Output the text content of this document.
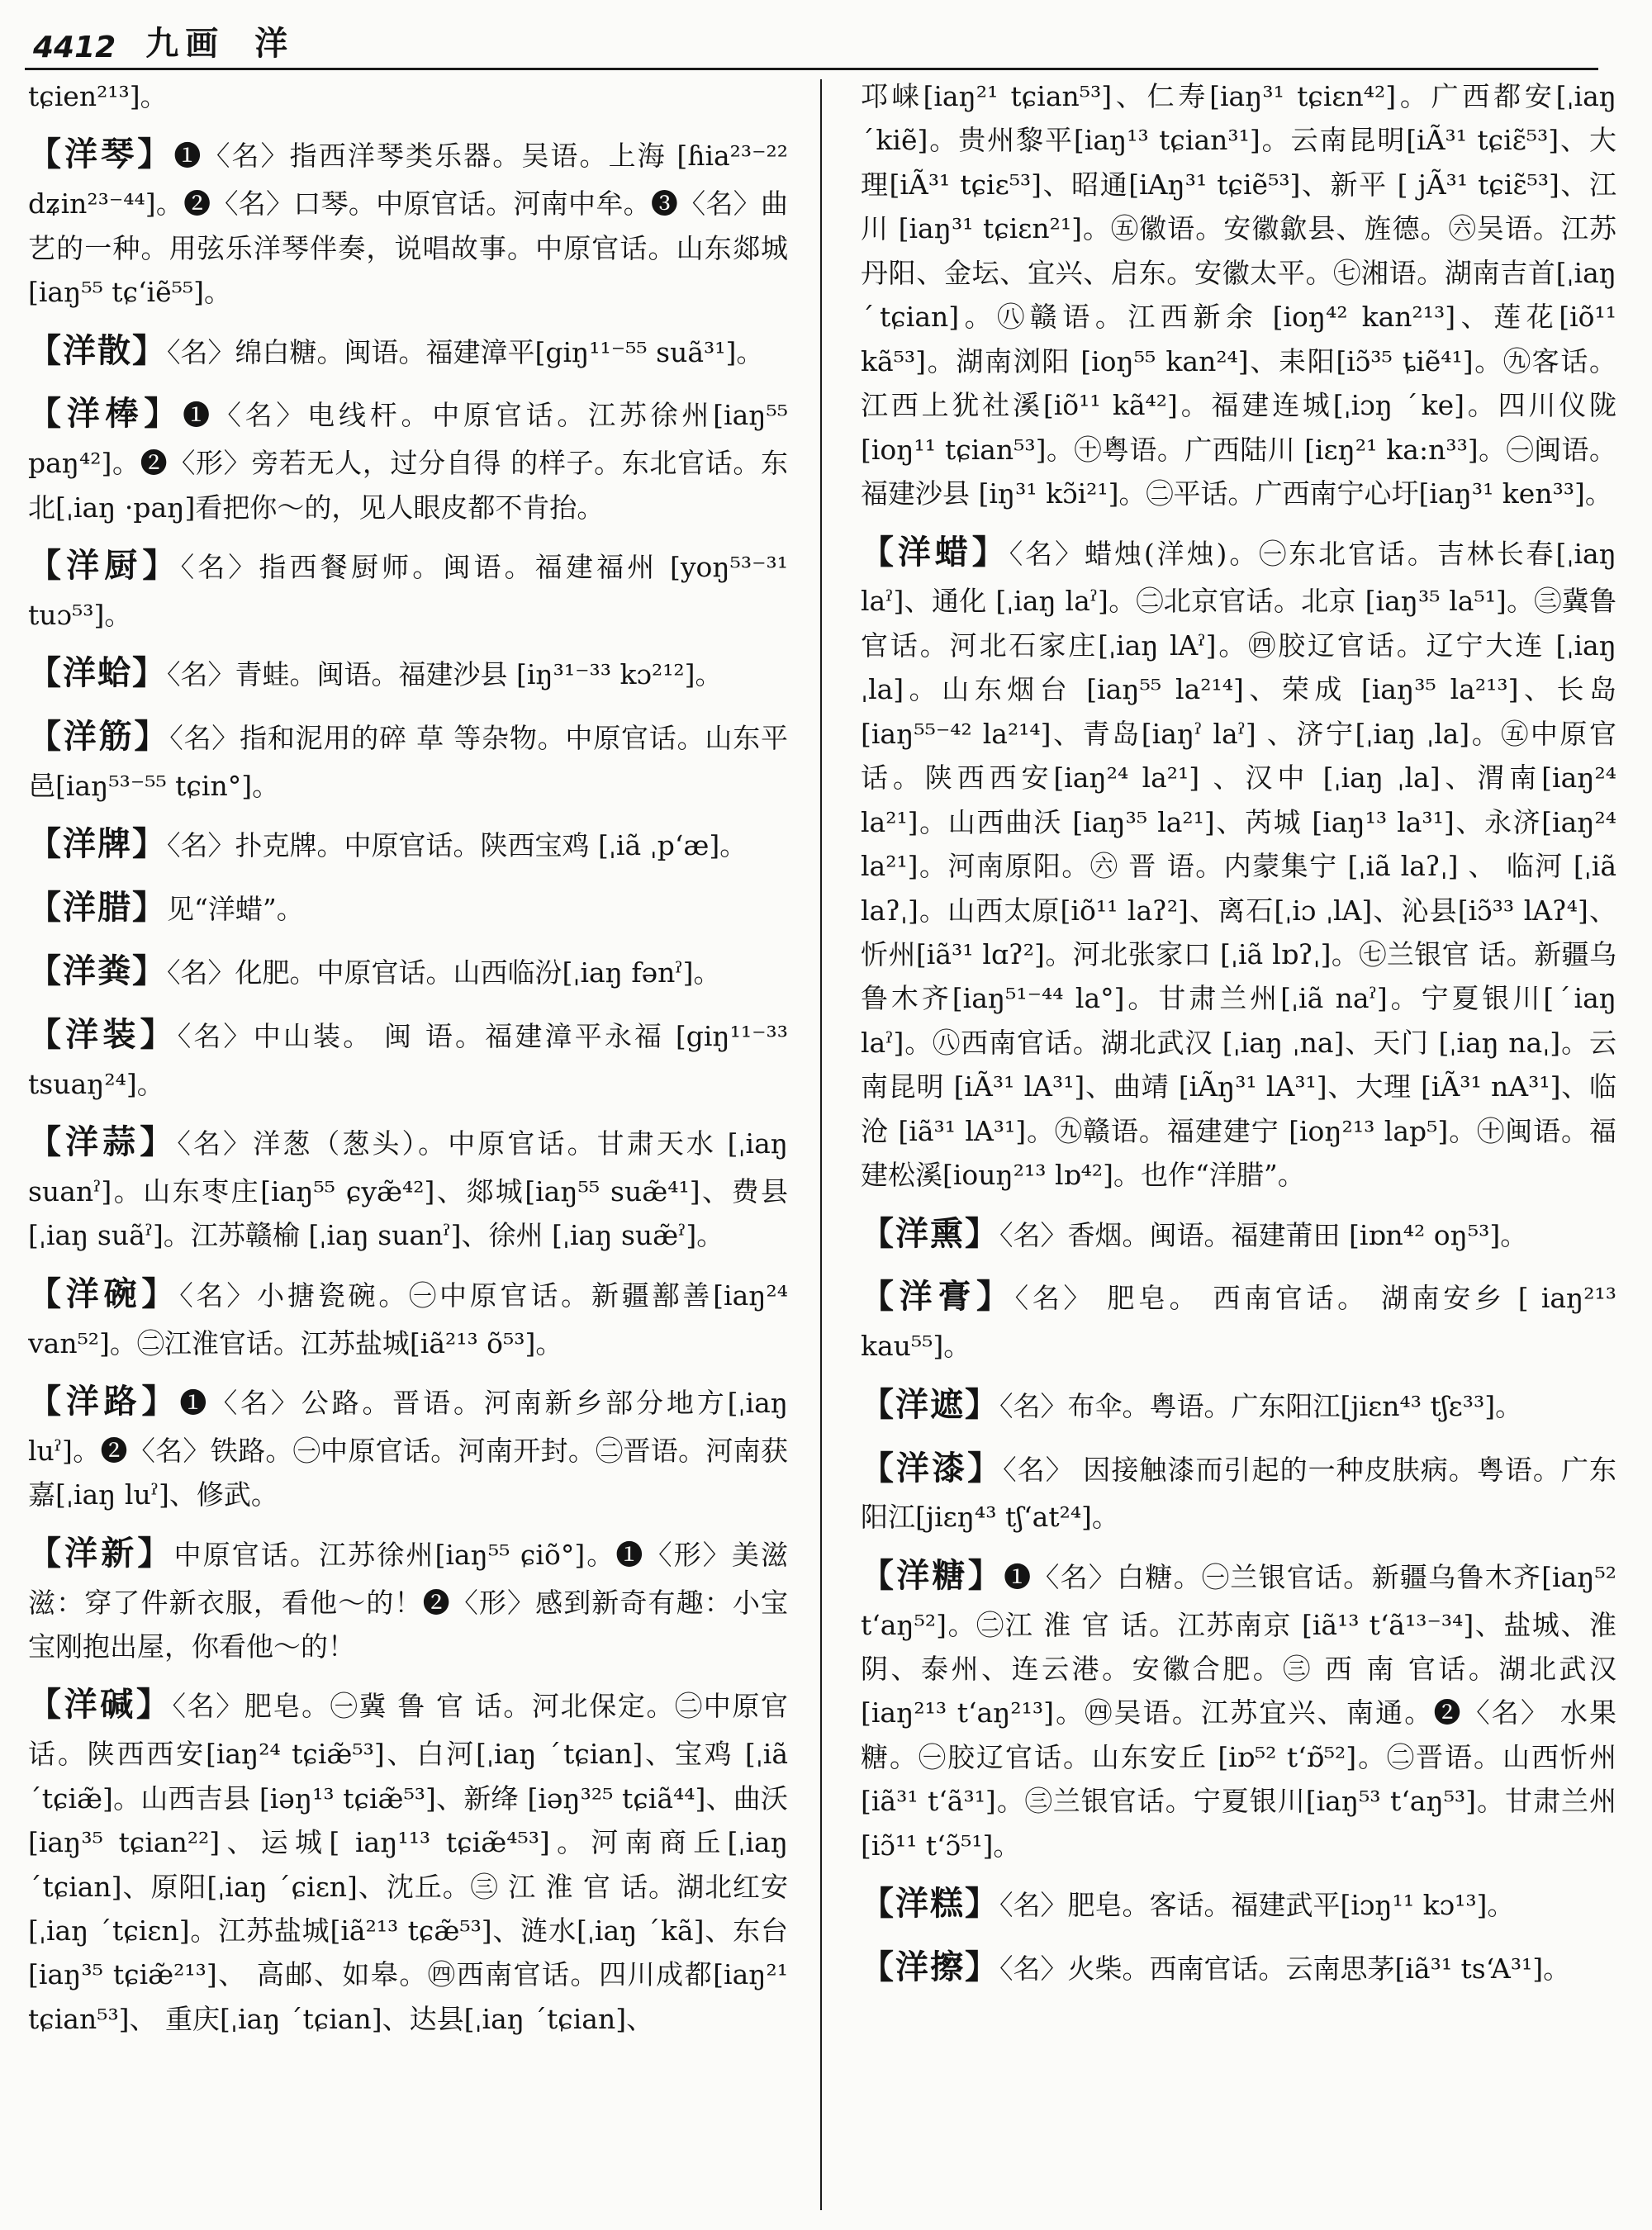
4412 九画 洋
tɕien²¹³]。

【洋琴】❶〈名〉指西洋琴类乐器。吴语。上海 [ɦia²³⁻²² dʑin²³⁻⁴⁴]。❷〈名〉口琴。中原官话。河南中牟。❸〈名〉曲艺的一种。用弦乐洋琴伴奏，说唱故事。中原官话。山东郯城[iaŋ⁵⁵ tɕʻiẽ⁵⁵]。

【洋散】〈名〉绵白糖。闽语。福建漳平[giŋ¹¹⁻⁵⁵ suã³¹]。

【洋棒】❶〈名〉电线杆。中原官话。江苏徐州[iaŋ⁵⁵ paŋ⁴²]。❷〈形〉旁若无人，过分自得 的样子。东北官话。东北[ˌiaŋ ·paŋ]看把你～的，见人眼皮都不肯抬。

【洋厨】〈名〉指西餐厨师。闽语。福建福州 [yoŋ⁵³⁻³¹ tuɔ⁵³]。

【洋蛤】〈名〉青蛙。闽语。福建沙县 [iŋ³¹⁻³³ kɔ²¹²]。

【洋筋】〈名〉指和泥用的碎 草 等杂物。中原官话。山东平邑[iaŋ⁵³⁻⁵⁵ tɕin°]。

【洋牌】〈名〉扑克牌。中原官话。陕西宝鸡 [ˌiã ˌpʻæ]。

【洋腊】见“洋蜡”。

【洋粪】〈名〉化肥。中原官话。山西临汾[ˌiaŋ fənˀ]。

【洋装】〈名〉中山装。 闽 语。福建漳平永福 [giŋ¹¹⁻³³ tsuaŋ²⁴]。

【洋蒜】〈名〉洋葱（葱头）。中原官话。甘肃天水 [ˌiaŋ suanˀ]。山东枣庄[iaŋ⁵⁵ ɕyæ̃⁴²]、郯城[iaŋ⁵⁵ suæ̃⁴¹]、费县 [ˌiaŋ suãˀ]。江苏赣榆 [ˌiaŋ suanˀ]、徐州 [ˌiaŋ suæ̃ˀ]。

【洋碗】〈名〉小搪瓷碗。㊀中原官话。新疆鄯善[iaŋ²⁴ van⁵²]。㊁江淮官话。江苏盐城[iã²¹³ õ⁵³]。

【洋路】❶〈名〉公路。晋语。河南新乡部分地方[ˌiaŋ luˀ]。❷〈名〉铁路。㊀中原官话。河南开封。㊁晋语。河南获嘉[ˌiaŋ luˀ]、修武。

【洋新】中原官话。江苏徐州[iaŋ⁵⁵ ɕiõ°]。❶〈形〉美滋滋：穿了件新衣服，看他～的！❷〈形〉感到新奇有趣：小宝宝刚抱出屋，你看他～的！

【洋碱】〈名〉肥皂。㊀冀 鲁 官 话。河北保定。㊁中原官话。陕西西安[iaŋ²⁴ tɕiæ̃⁵³]、白河[ˌiaŋ ˊtɕian]、宝鸡 [ˌiã ˊtɕiæ̃]。山西吉县 [iəŋ¹³ tɕiæ̃⁵³]、新绛 [iəŋ³²⁵ tɕiã⁴⁴]、曲沃[iaŋ³⁵ tɕian²²]、运城[ iaŋ¹¹³ tɕiæ̃⁴⁵³]。河南商丘[ˌiaŋ ˊtɕian]、原阳[ˌiaŋ ˊɕiɛn]、沈丘。㊂ 江 淮 官 话。湖北红安 [ˌiaŋ ˊtɕiɛn]。江苏盐城[iã²¹³ tɕæ̃⁵³]、涟水[ˌiaŋ ˊkã]、东台[iaŋ³⁵ tɕiæ̃²¹³]、 高邮、如皋。㊃西南官话。四川成都[iaŋ²¹ tɕian⁵³]、 重庆[ˌiaŋ ˊtɕian]、达县[ˌiaŋ ˊtɕian]、

邛崃[iaŋ²¹ tɕian⁵³]、仁寿[iaŋ³¹ tɕiɛn⁴²]。广西都安[ˌiaŋ ˊkiẽ]。贵州黎平[iaŋ¹³ tɕian³¹]。云南昆明[iÃ³¹ tɕiɛ̃⁵³]、大理[iÃ³¹ tɕiɛ⁵³]、昭通[iAŋ³¹ tɕiẽ⁵³]、新平 [ jÃ³¹ tɕiɛ̃⁵³]、江川 [iaŋ³¹ tɕiɛn²¹]。㊄徽语。安徽歙县、旌德。㊅吴语。江苏丹阳、金坛、宜兴、启东。安徽太平。㊆湘语。湖南吉首[ˌiaŋ ˊtɕian]。㊇赣语。江西新余 [ioŋ⁴² kan²¹³]、莲花[iõ¹¹ kã⁵³]。湖南浏阳 [ioŋ⁵⁵ kan²⁴]、耒阳[iɔ̃³⁵ ȶiẽ⁴¹]。㊈客话。江西上犹社溪[iõ¹¹ kã⁴²]。福建连城[ˌiɔŋ ˊke]。四川仪陇[ioŋ¹¹ tɕian⁵³]。㊉粤语。广西陆川 [iɛŋ²¹ ka:n³³]。㊀闽语。福建沙县 [iŋ³¹ kɔ̃i²¹]。㊁平话。广西南宁心圩[iaŋ³¹ ken³³]。

【洋蜡】〈名〉蜡烛(洋烛)。㊀东北官话。吉林长春[ˌiaŋ laˀ]、通化 [ˌiaŋ laˀ]。㊁北京官话。北京 [iaŋ³⁵ la⁵¹]。㊂冀鲁官话。河北石家庄[ˌiaŋ lAˀ]。㊃胶辽官话。辽宁大连 [ˌiaŋ ˌla]。山东烟台 [iaŋ⁵⁵ la²¹⁴]、荣成 [iaŋ³⁵ la²¹³]、长岛[iaŋ⁵⁵⁻⁴² la²¹⁴]、青岛[iaŋˀ laˀ] 、济宁[ˌiaŋ ˌla]。㊄中原官话。陕西西安[iaŋ²⁴ la²¹] 、汉中 [ˌiaŋ ˌla]、渭南[iaŋ²⁴ la²¹]。山西曲沃 [iaŋ³⁵ la²¹]、芮城 [iaŋ¹³ la³¹]、永济[iaŋ²⁴ la²¹]。河南原阳。㊅ 晋 语。内蒙集宁 [ˌiã laʔˌ] 、 临河 [ˌiã laʔˌ]。山西太原[iõ¹¹ laʔ²]、离石[ˌiɔ ˌlA]、沁县[iɔ̃³³ lAʔ⁴]、忻州[iã³¹ lɑʔ²]。河北张家口 [ˌiã lɒʔˌ]。㊆兰银官 话。新疆乌鲁木齐[iaŋ⁵¹⁻⁴⁴ la°]。甘肃兰州[ˌiã naˀ]。宁夏银川[ˊiaŋ laˀ]。㊇西南官话。湖北武汉 [ˌiaŋ ˌna]、天门 [ˌiaŋ naˌ]。云南昆明 [iÃ³¹ lA³¹]、曲靖 [iÃŋ³¹ lA³¹]、大理 [iÃ³¹ nA³¹]、临沧 [iã³¹ lA³¹]。㊈赣语。福建建宁 [ioŋ²¹³ lap⁵]。㊉闽语。福建松溪[iouŋ²¹³ lɒ⁴²]。也作“洋腊”。

【洋熏】〈名〉香烟。闽语。福建莆田 [iɒn⁴² oŋ⁵³]。

【洋膏】〈名〉 肥皂。 西南官话。 湖南安乡 [ iaŋ²¹³ kau⁵⁵]。

【洋遮】〈名〉布伞。粤语。广东阳江[jiɛn⁴³ tʃɛ³³]。

【洋漆】〈名〉 因接触漆而引起的一种皮肤病。粤语。广东阳江[jiɛŋ⁴³ tʃʻat²⁴]。

【洋糖】❶〈名〉白糖。㊀兰银官话。新疆乌鲁木齐[iaŋ⁵² tʻaŋ⁵²]。㊁江 淮 官 话。江苏南京 [iã¹³ tʻã¹³⁻³⁴]、盐城、淮阴、泰州、连云港。安徽合肥。㊂ 西 南 官话。湖北武汉[iaŋ²¹³ tʻaŋ²¹³]。㊃吴语。江苏宜兴、南通。❷〈名〉 水果糖。㊀胶辽官话。山东安丘 [iɒ⁵² tʻɒ̃⁵²]。㊁晋语。山西忻州[iã³¹ tʻã³¹]。㊂兰银官话。宁夏银川[iaŋ⁵³ tʻaŋ⁵³]。甘肃兰州[iɔ̃¹¹ tʻɔ̃⁵¹]。

【洋糕】〈名〉肥皂。客话。福建武平[iɔŋ¹¹ kɔ¹³]。

【洋擦】〈名〉火柴。西南官话。云南思茅[iã³¹ tsʻA³¹]。
